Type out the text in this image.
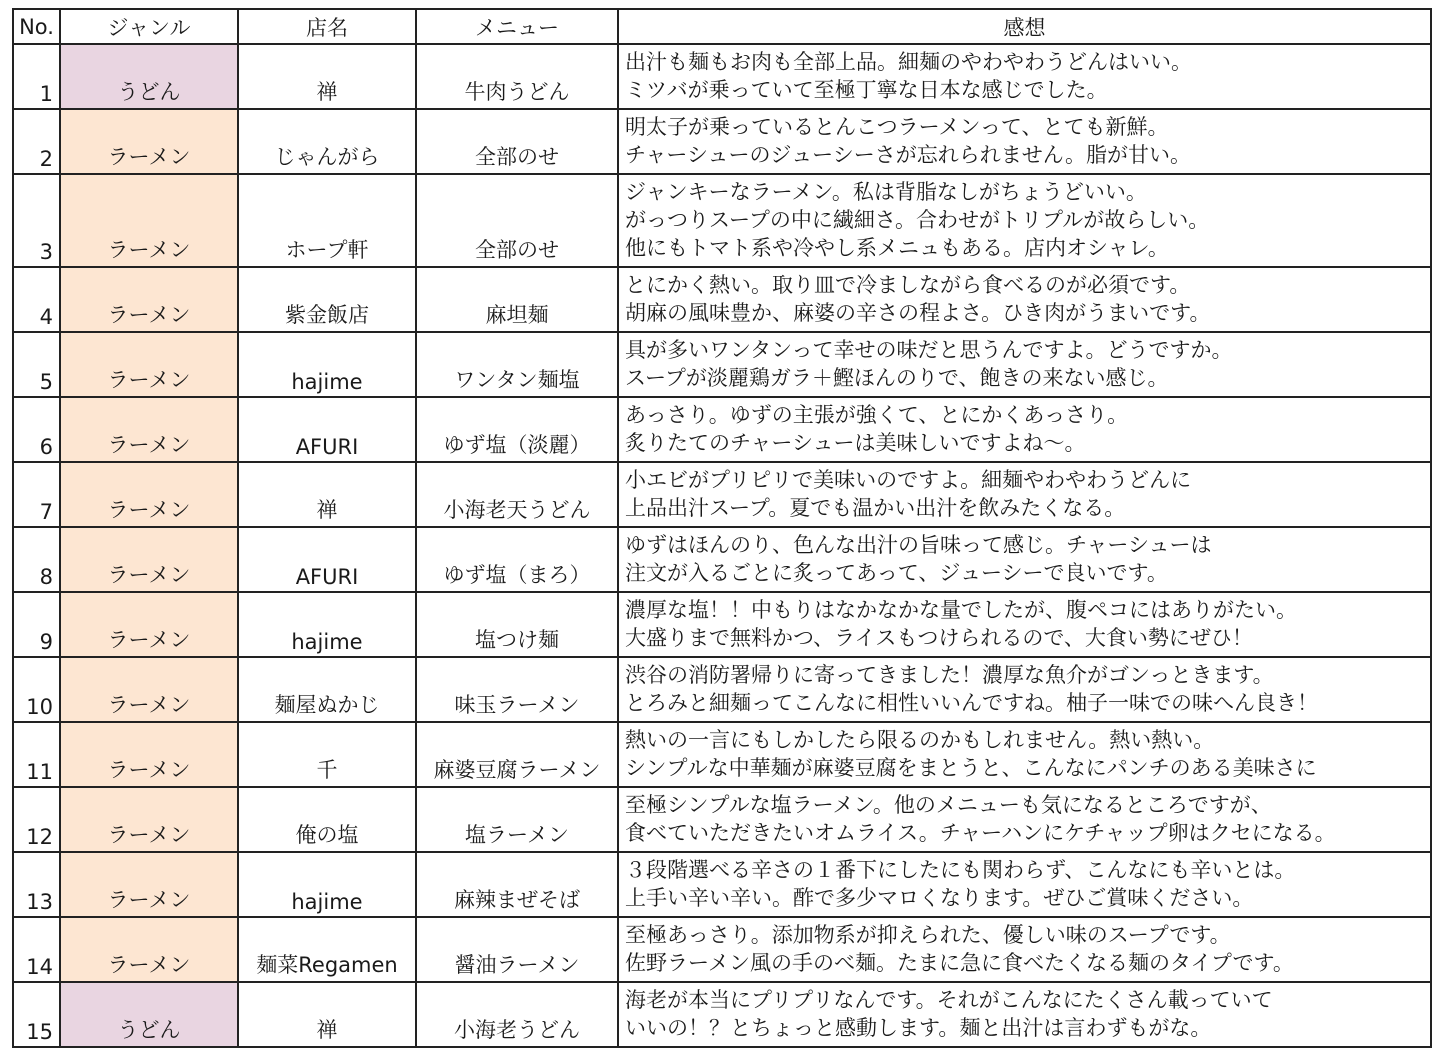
No.	ジャンル	店名	メニュー	感想
1	うどん	禅	牛肉うどん	出汁も麺もお肉も全部上品。細麺のやわやわうどんはいい。
ミツバが乗っていて至極丁寧な日本な感じでした。

2	ラーメン	じゃんがら	全部のせ	明太子が乗っているとんこつラーメンって、とても新鮮。
チャーシューのジューシーさが忘れられません。脂が甘い。

3	ラーメン	ホープ軒	全部のせ	ジャンキーなラーメン。私は背脂なしがちょうどいい。
がっつりスープの中に繊細さ。合わせがトリプルが故らしい。
他にもトマト系や冷やし系メニュもある。店内オシャレ。

4	ラーメン	紫金飯店	麻坦麺	とにかく熱い。取り皿で冷ましながら食べるのが必須です。
胡麻の風味豊か、麻婆の辛さの程よさ。ひき肉がうまいです。

5	ラーメン	hajime	ワンタン麺塩	具が多いワンタンって幸せの味だと思うんですよ。どうですか。
スープが淡麗鶏ガラ＋鰹ほんのりで、飽きの来ない感じ。

6	ラーメン	AFURI	ゆず塩（淡麗）	あっさり。ゆずの主張が強くて、とにかくあっさり。
炙りたてのチャーシューは美味しいですよね〜。

7	ラーメン	禅	小海老天うどん	小エビがプリピリで美味いのですよ。細麺やわやわうどんに
上品出汁スープ。夏でも温かい出汁を飲みたくなる。

8	ラーメン	AFURI	ゆず塩（まろ）	ゆずはほんのり、色んな出汁の旨味って感じ。チャーシューは
注文が入るごとに炙ってあって、ジューシーで良いです。

9	ラーメン	hajime	塩つけ麺	濃厚な塩！！中もりはなかなかな量でしたが、腹ペコにはありがたい。
大盛りまで無料かつ、ライスもつけられるので、大食い勢にぜひ！

10	ラーメン	麺屋ぬかじ	味玉ラーメン	渋谷の消防署帰りに寄ってきました！濃厚な魚介がゴンっときます。
とろみと細麺ってこんなに相性いいんですね。柚子一味での味へん良き！

11	ラーメン	千	麻婆豆腐ラーメン	熱いの一言にもしかしたら限るのかもしれません。熱い熱い。
シンプルな中華麺が麻婆豆腐をまとうと、こんなにパンチのある美味さに

12	ラーメン	俺の塩	塩ラーメン	至極シンプルな塩ラーメン。他のメニューも気になるところですが、
食べていただきたいオムライス。チャーハンにケチャップ卵はクセになる。

13	ラーメン	hajime	麻辣まぜそば	３段階選べる辛さの１番下にしたにも関わらず、こんなにも辛いとは。
上手い辛い辛い。酢で多少マロくなります。ぜひご賞味ください。

14	ラーメン	麺菜Regamen	醤油ラーメン	至極あっさり。添加物系が抑えられた、優しい味のスープです。
佐野ラーメン風の手のべ麺。たまに急に食べたくなる麺のタイプです。

15	うどん	禅	小海老うどん	海老が本当にプリプリなんです。それがこんなにたくさん載っていて
いいの！？とちょっと感動します。麺と出汁は言わずもがな。
